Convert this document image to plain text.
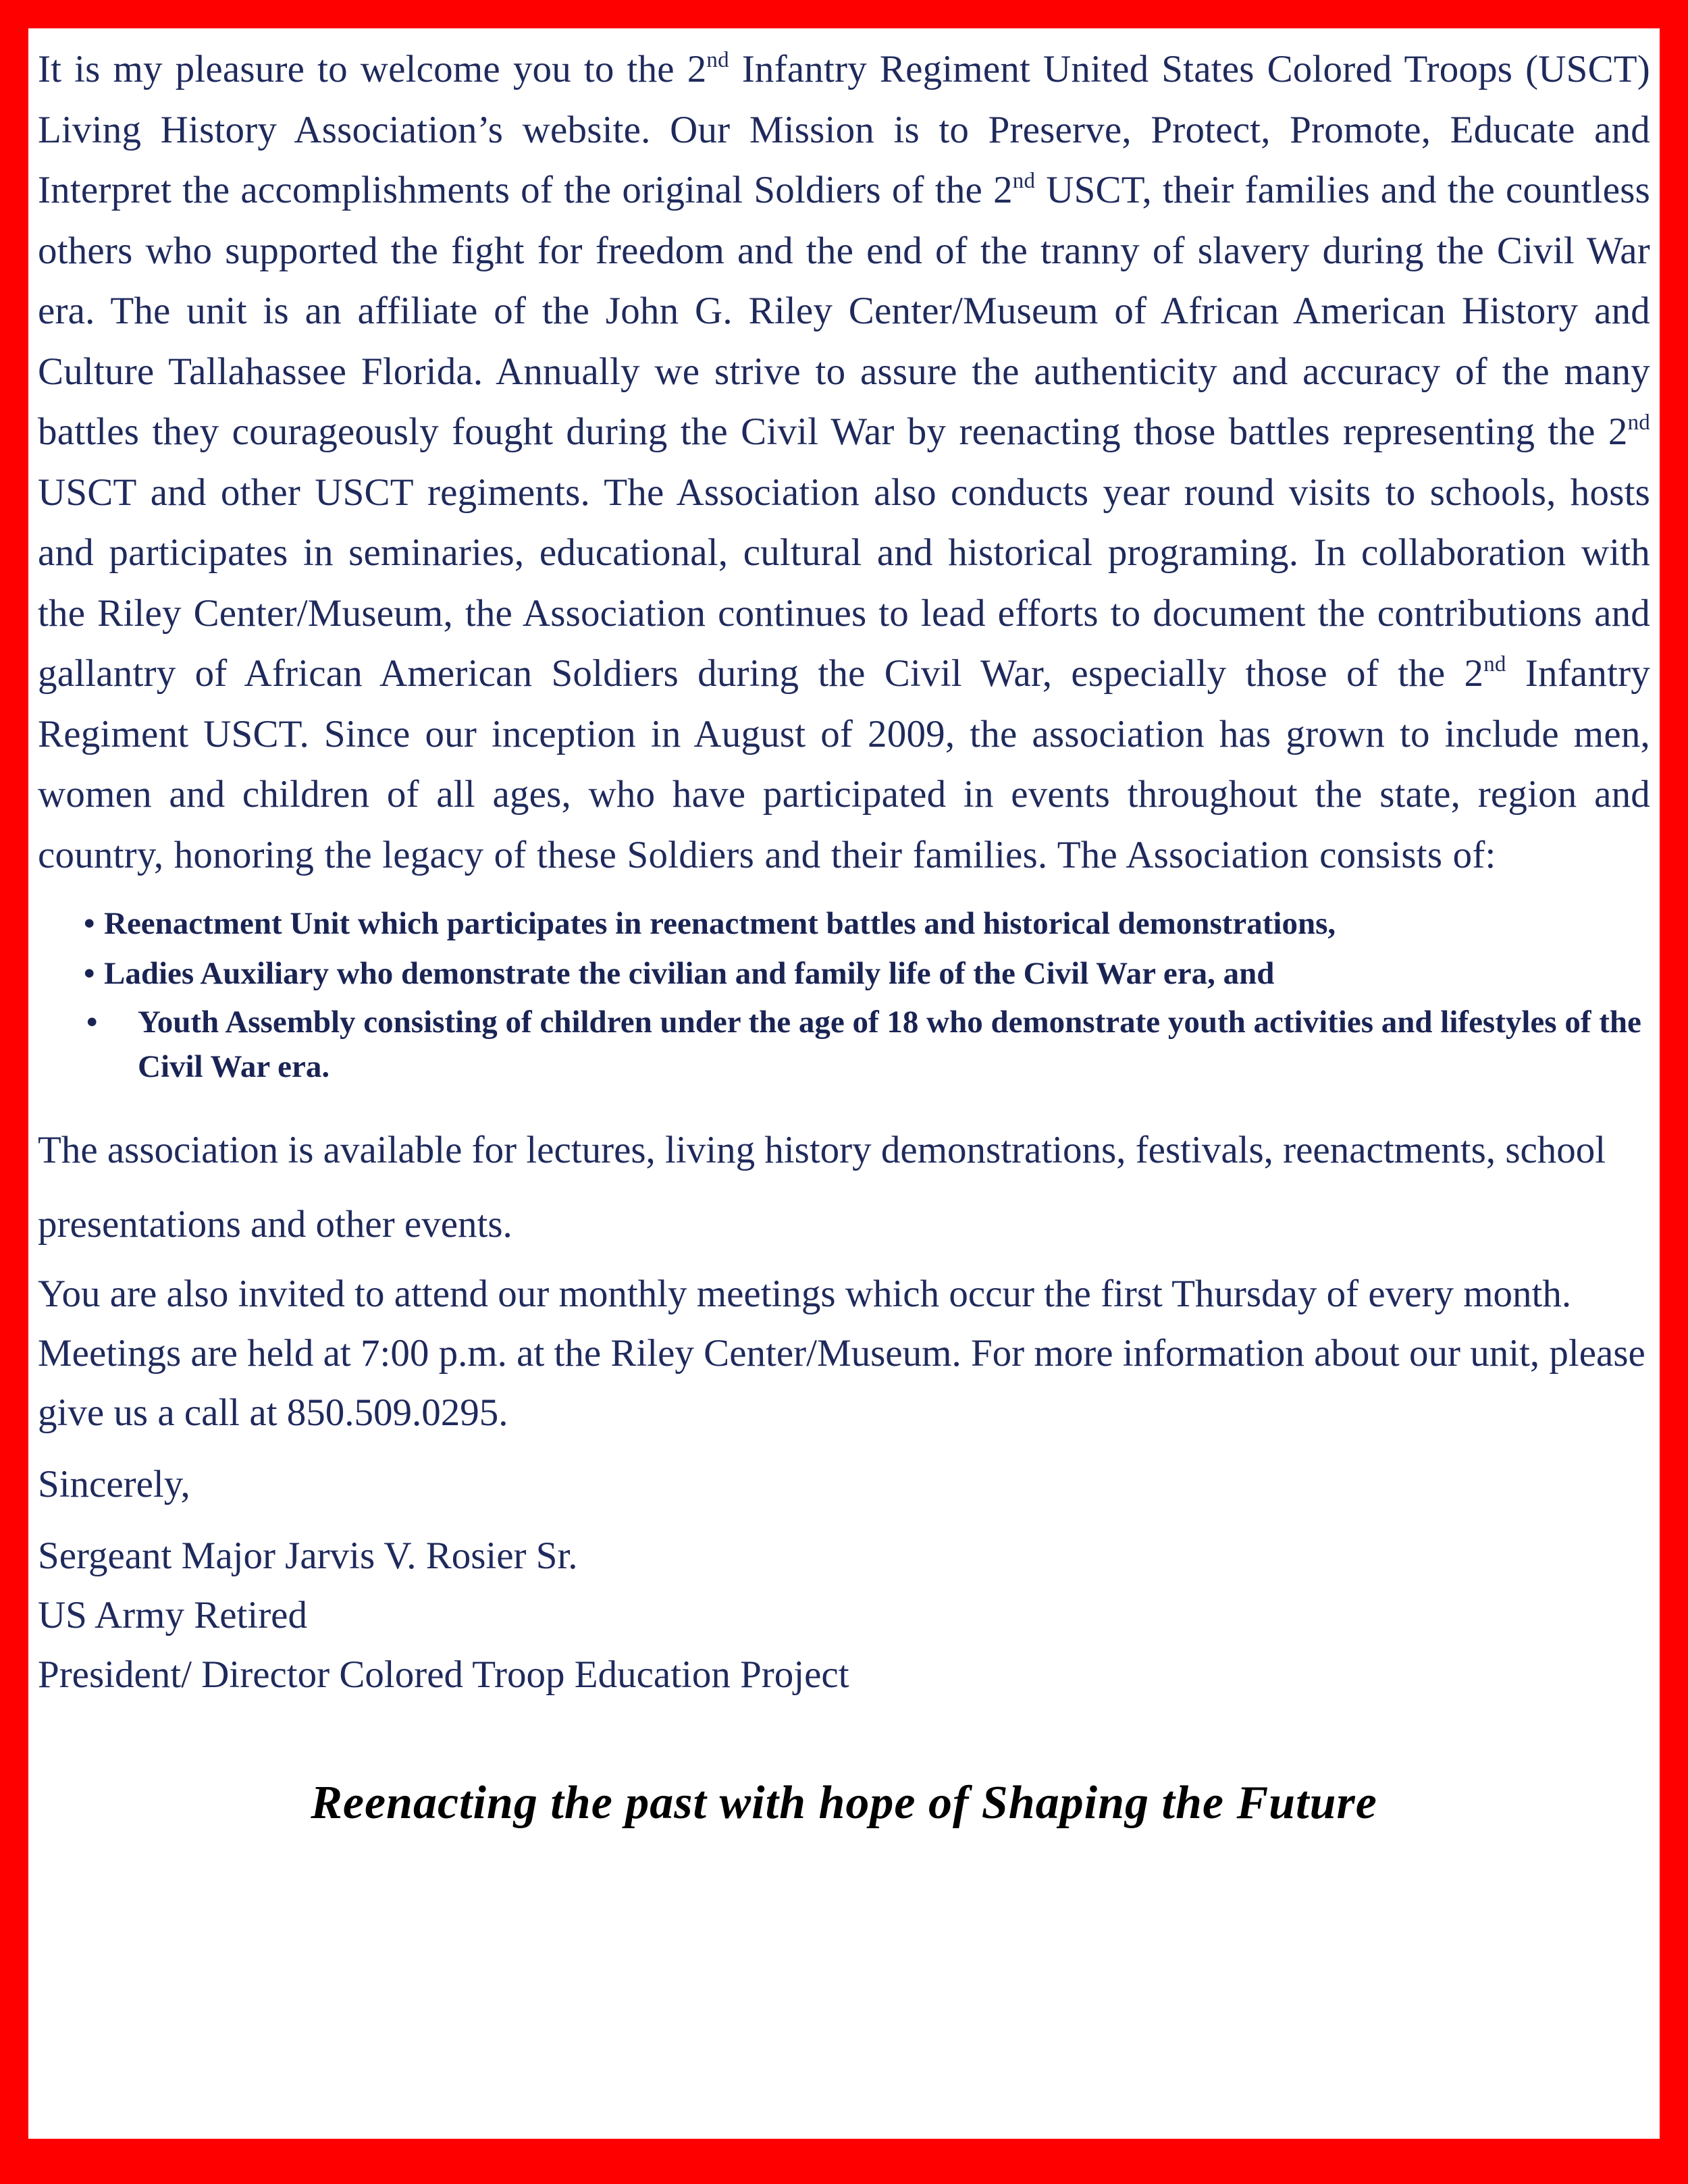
It is my pleasure to welcome you to the 2nd Infantry Regiment United States Colored Troops (USCT) Living History Association’s website. Our Mission is to Preserve, Protect, Promote, Educate and Interpret the accomplishments of the original Soldiers of the 2nd USCT, their families and the countless others who supported the fight for freedom and the end of the tranny of slavery during the Civil War era. The unit is an affiliate of the John G. Riley Center/Museum of African American History and Culture Tallahassee Florida. Annually we strive to assure the authenticity and accuracy of the many battles they courageously fought during the Civil War by reenacting those battles representing the 2nd USCT and other USCT regiments. The Association also conducts year round visits to schools, hosts and participates in seminaries, educational, cultural and historical programing. In collaboration with the Riley Center/Museum, the Association continues to lead efforts to document the contributions and gallantry of African American Soldiers during the Civil War, especially those of the 2nd Infantry Regiment USCT. Since our inception in August of 2009, the association has grown to include men, women and children of all ages, who have participated in events throughout the state, region and country, honoring the legacy of these Soldiers and their families. The Association consists of:

• Reenactment Unit which participates in reenactment battles and historical demonstrations,
• Ladies Auxiliary who demonstrate the civilian and family life of the Civil War era, and
• Youth Assembly consisting of children under the age of 18 who demonstrate youth activities and lifestyles of the Civil War era.

The association is available for lectures, living history demonstrations, festivals, reenactments, school presentations and other events.

You are also invited to attend our monthly meetings which occur the first Thursday of every month. Meetings are held at 7:00 p.m. at the Riley Center/Museum. For more information about our unit, please give us a call at 850.509.0295.

Sincerely,

Sergeant Major Jarvis V. Rosier Sr.
US Army Retired
President/ Director Colored Troop Education Project

Reenacting the past with hope of Shaping the Future
